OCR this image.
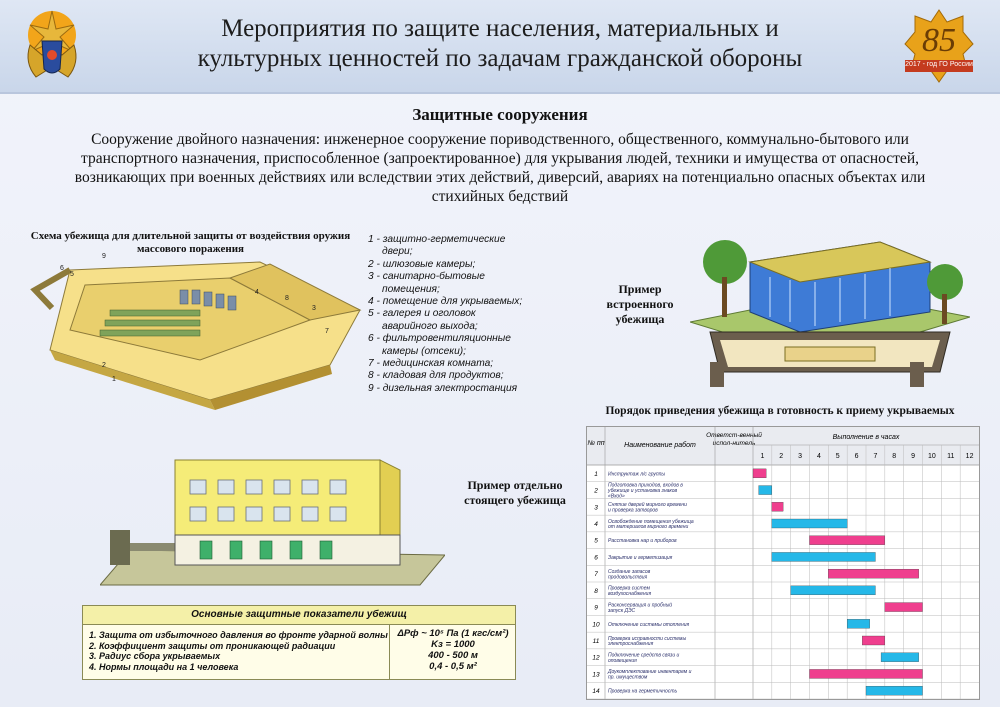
Мероприятия по защите населения, материальных и
культурных ценностей по задачам гражданской обороны	85
2017 - год ГО России
Защитные сооружения
Сооружение двойного назначения: инженерное сооружение пориводственного, общественного, коммунально-бытового или транспортного назначения, приспособленное (запроектированное) для укрывания людей, техники и имущества от опасностей, возникающих при военных действиях или вследствии этих действий, диверсий, авариях на потенциально опасных объектах или стихийных бедствий
Схема убежища для длительной защиты от воздействия оружия массового поражения
6
5
9
4
8
3
7
2
1
1 - защитно-герметические
двери;
2 - шлюзовые камеры;
3 - санитарно-бытовые
помещения;
4 - помещение для укрываемых;
5 - галерея и оголовок
аварийного выхода;
6 - фильтровентиляционные
камеры (отсеки);
7 - медицинская комната;
8 - кладовая для продуктов;
9 - дизельная электростанция
Пример встроенного убежища
Пример отдельно стоящего убежища
Основные защитные показатели убежищ
1. Защита от избыточного давления во фронте ударной волны
2. Коэффициент защиты от проникающей радиации
3. Радиус сбора укрываемых
4. Нормы площади на 1 человека
ΔPф ~ 10⁵ Па (1 кгс/см²)
Kз = 1000
400 - 500 м
0,4 - 0,5 м²
Порядок приведения убежища в готовность к приему укрываемых
№ пп	Наименование работ
Ответст-венный
испол-нитель
Выполнение в часах
1 2 3 4 5 6 7 8 9 10 11 12
1 Инструктаж л/с группы
2
Подготовка приходов, входов в
убежище и установка знаков
«Вход»
3 Снятие дверей мирного времени
и проверка затворов
4 Освобождение помещения убежища
от материалов мирного времени
5 Расстановка нар и приборов
6 Закрытие и герметизация
7 Создание запасов
продовольствия
8 Проверка систем
воздухоснабжения
9 Расконсервация и пробный
запуск ДЭС
10 Отключение системы отопления
11 Проверка исправности системы
электроснабжения
12 Подключение средств связи и
оповещения
13 Доукомплектование инвентарем и
пр. имуществом
14 Проверка на герметичность
